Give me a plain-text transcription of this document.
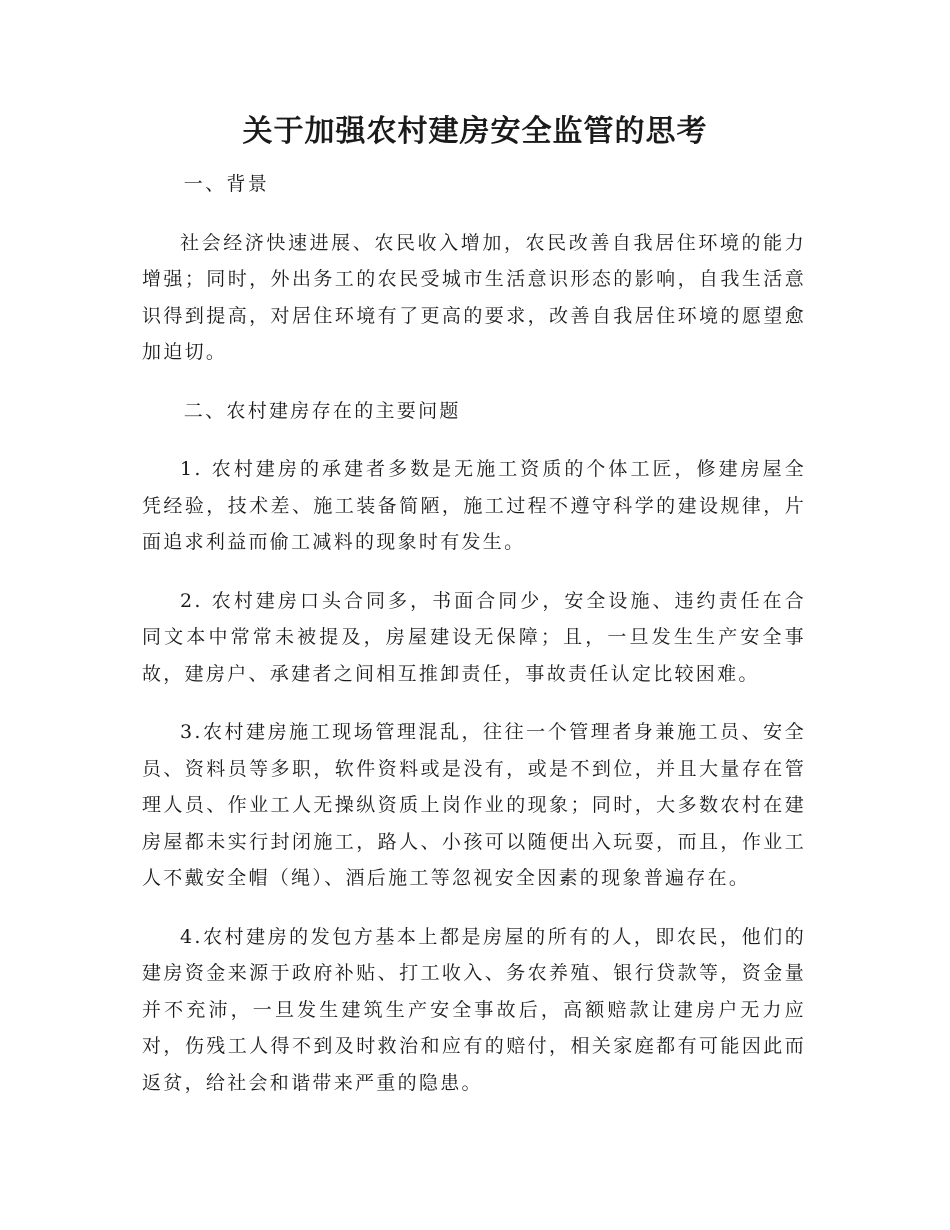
关于加强农村建房安全监管的思考

一、背景

社会经济快速进展、农民收入增加，农民改善自我居住环境的能力增强；同时，外出务工的农民受城市生活意识形态的影响，自我生活意识得到提高，对居住环境有了更高的要求，改善自我居住环境的愿望愈加迫切。

二、农村建房存在的主要问题

1. 农村建房的承建者多数是无施工资质的个体工匠，修建房屋全凭经验，技术差、施工装备简陋，施工过程不遵守科学的建设规律，片面追求利益而偷工减料的现象时有发生。

2. 农村建房口头合同多，书面合同少，安全设施、违约责任在合同文本中常常未被提及，房屋建设无保障；且，一旦发生生产安全事故，建房户、承建者之间相互推卸责任，事故责任认定比较困难。

3.农村建房施工现场管理混乱，往往一个管理者身兼施工员、安全员、资料员等多职，软件资料或是没有，或是不到位，并且大量存在管理人员、作业工人无操纵资质上岗作业的现象；同时，大多数农村在建房屋都未实行封闭施工，路人、小孩可以随便出入玩耍，而且，作业工人不戴安全帽（绳）、酒后施工等忽视安全因素的现象普遍存在。

4.农村建房的发包方基本上都是房屋的所有的人，即农民，他们的建房资金来源于政府补贴、打工收入、务农养殖、银行贷款等，资金量并不充沛，一旦发生建筑生产安全事故后，高额赔款让建房户无力应对，伤残工人得不到及时救治和应有的赔付，相关家庭都有可能因此而返贫，给社会和谐带来严重的隐患。
